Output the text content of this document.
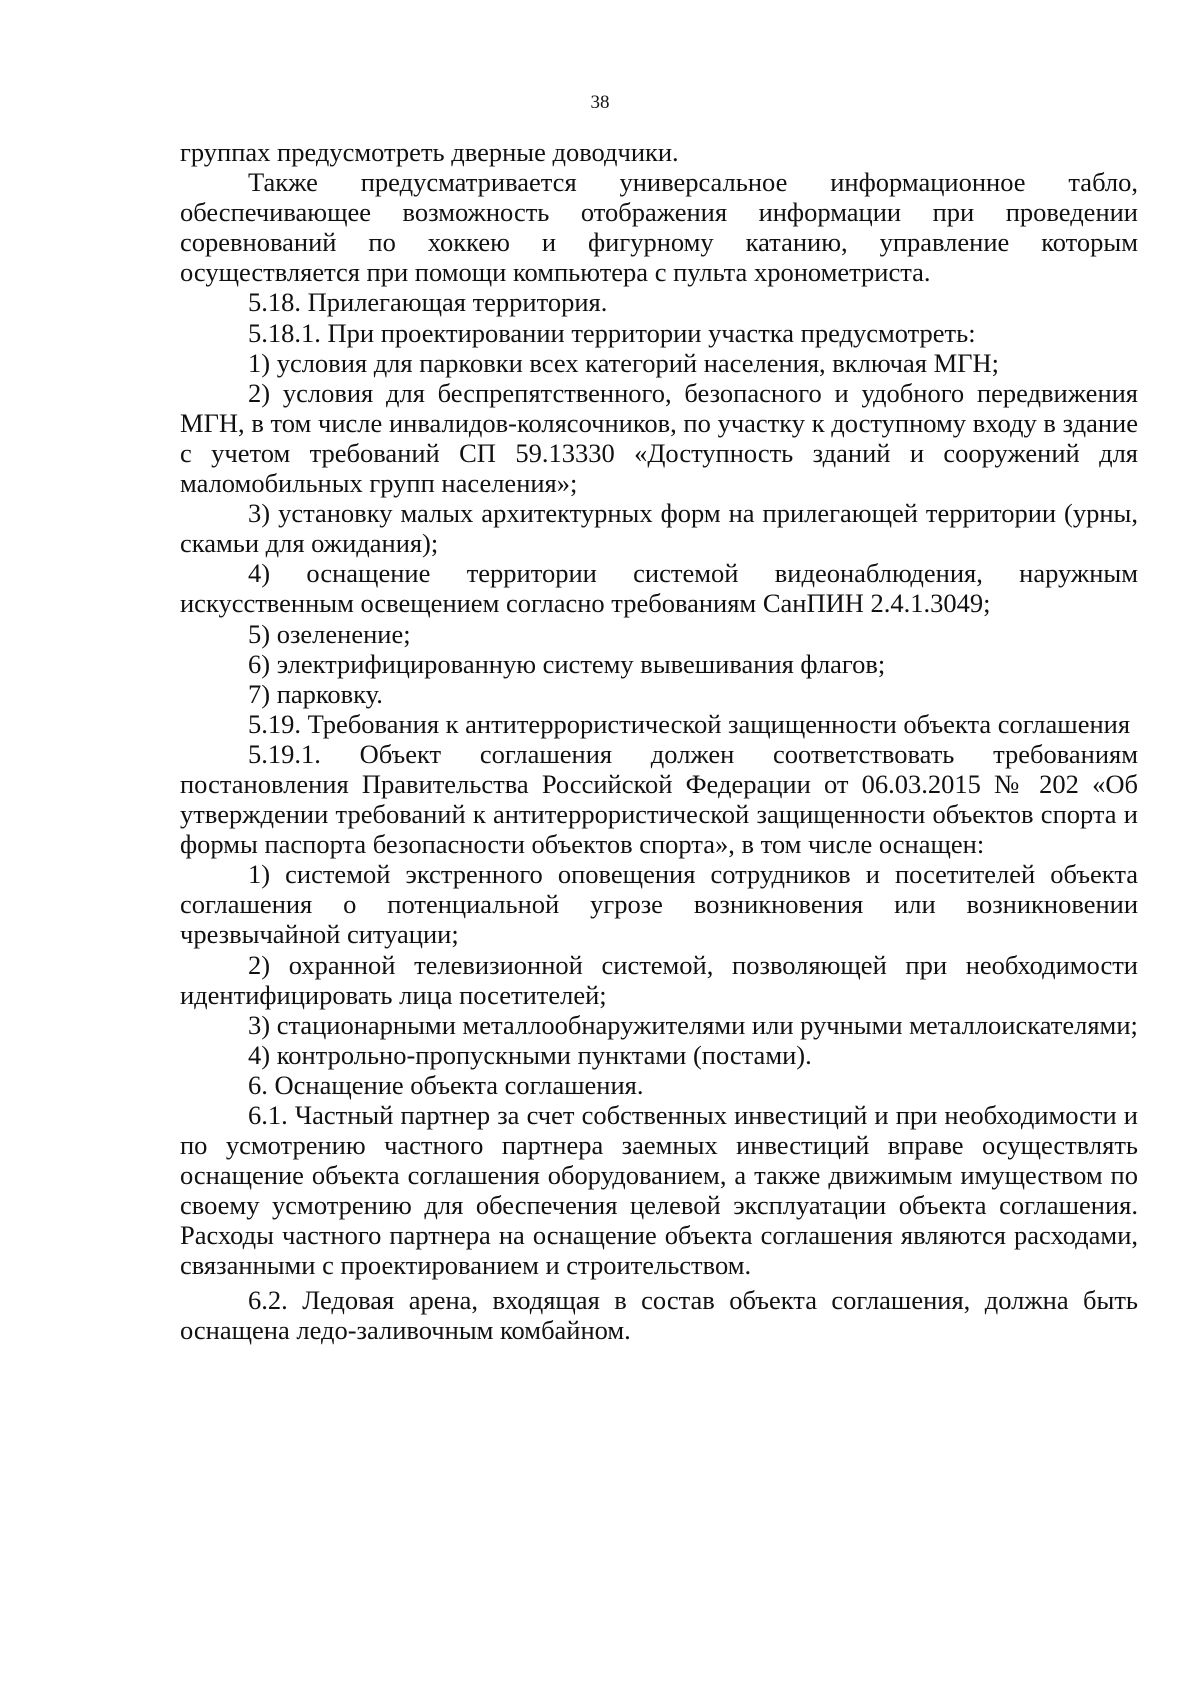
38

группах предусмотреть дверные доводчики.

Также предусматривается универсальное информационное табло, обеспечивающее возможность отображения информации при проведении соревнований по хоккею и фигурному катанию, управление которым осуществляется при помощи компьютера с пульта хронометриста.

5.18. Прилегающая территория.

5.18.1. При проектировании территории участка предусмотреть:

1) условия для парковки всех категорий населения, включая МГН;

2) условия для беспрепятственного, безопасного и удобного передвижения МГН, в том числе инвалидов-колясочников, по участку к доступному входу в здание с учетом требований СП 59.13330 «Доступность зданий и сооружений для маломобильных групп населения»;

3) установку малых архитектурных форм на прилегающей территории (урны, скамьи для ожидания);

4) оснащение территории системой видеонаблюдения, наружным искусственным освещением согласно требованиям СанПИН 2.4.1.3049;

5) озеленение;

6) электрифицированную систему вывешивания флагов;

7) парковку.

5.19. Требования к антитеррористической защищенности объекта соглашения

5.19.1. Объект соглашения должен соответствовать требованиям постановления Правительства Российской Федерации от 06.03.2015 № 202 «Об утверждении требований к антитеррористической защищенности объектов спорта и формы паспорта безопасности объектов спорта», в том числе оснащен:

1) системой экстренного оповещения сотрудников и посетителей объекта соглашения о потенциальной угрозе возникновения или возникновении чрезвычайной ситуации;

2) охранной телевизионной системой, позволяющей при необходимости идентифицировать лица посетителей;

3) стационарными металлообнаружителями или ручными металлоискателями;

4) контрольно-пропускными пунктами (постами).

6. Оснащение объекта соглашения.

6.1. Частный партнер за счет собственных инвестиций и при необходимости и по усмотрению частного партнера заемных инвестиций вправе осуществлять оснащение объекта соглашения оборудованием, а также движимым имуществом по своему усмотрению для обеспечения целевой эксплуатации объекта соглашения. Расходы частного партнера на оснащение объекта соглашения являются расходами, связанными с проектированием и строительством.

6.2. Ледовая арена, входящая в состав объекта соглашения, должна быть оснащена ледо-заливочным комбайном.
